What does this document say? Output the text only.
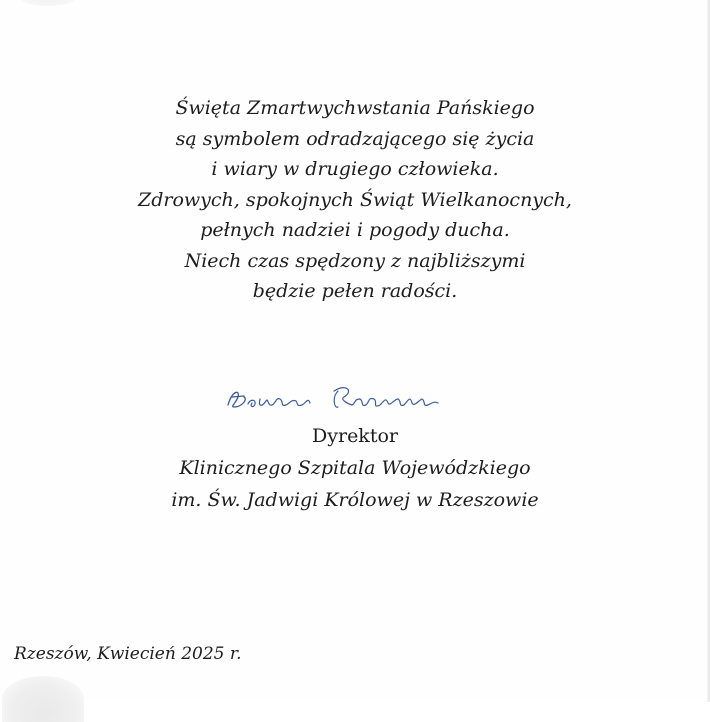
Święta Zmartwychwstania Pańskiego
są symbolem odradzającego się życia
i wiary w drugiego człowieka.
Zdrowych, spokojnych Świąt Wielkanocnych,
pełnych nadziei i pogody ducha.
Niech czas spędzony z najbliższymi
będzie pełen radości.
Dyrektor
Klinicznego Szpitala Wojewódzkiego
im. Św. Jadwigi Królowej w Rzeszowie
Rzeszów, Kwiecień 2025 r.
